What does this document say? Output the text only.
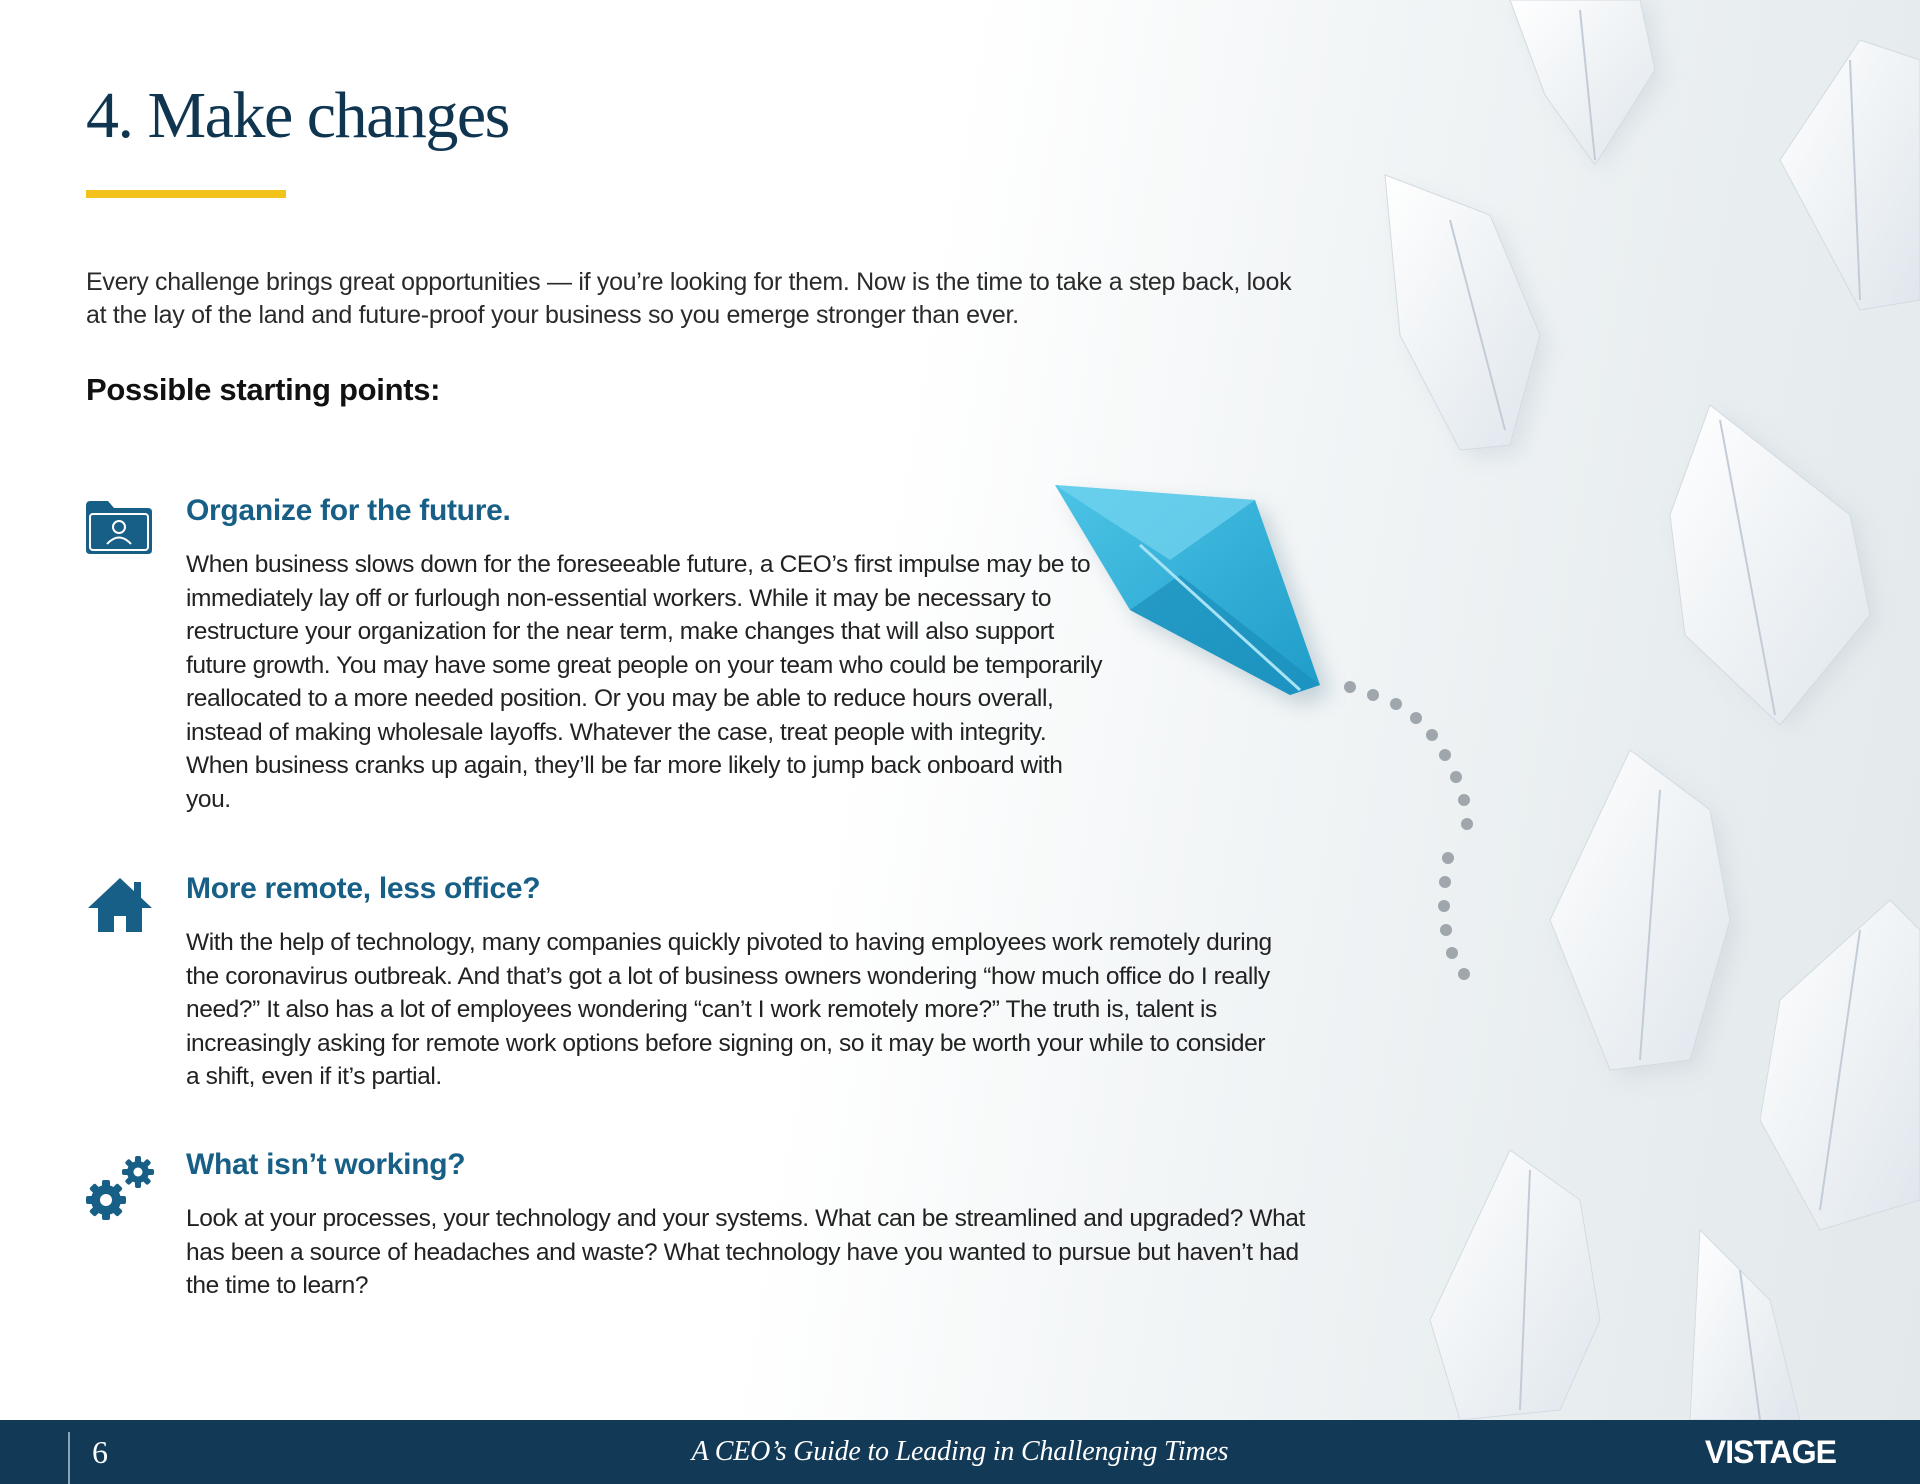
4. Make changes

Every challenge brings great opportunities — if you’re looking for them. Now is the time to take a step back, look at the lay of the land and future-proof your business so you emerge stronger than ever.

Possible starting points:
Organize for the future.

When business slows down for the foreseeable future, a CEO’s first impulse may be to immediately lay off or furlough non-essential workers. While it may be necessary to restructure your organization for the near term, make changes that will also support future growth. You may have some great people on your team who could be temporarily reallocated to a more needed position. Or you may be able to reduce hours overall, instead of making wholesale layoffs. Whatever the case, treat people with integrity. When business cranks up again, they’ll be far more likely to jump back onboard with you.

More remote, less office?

With the help of technology, many companies quickly pivoted to having employees work remotely during the coronavirus outbreak. And that’s got a lot of business owners wondering “how much office do I really need?” It also has a lot of employees wondering “can’t I work remotely more?” The truth is, talent is increasingly asking for remote work options before signing on, so it may be worth your while to consider a shift, even if it’s partial.

What isn’t working?

Look at your processes, your technology and your systems. What can be streamlined and upgraded? What has been a source of headaches and waste? What technology have you wanted to pursue but haven’t had the time to learn?

6	A CEO’s Guide to Leading in Challenging Times	VISTAGE
